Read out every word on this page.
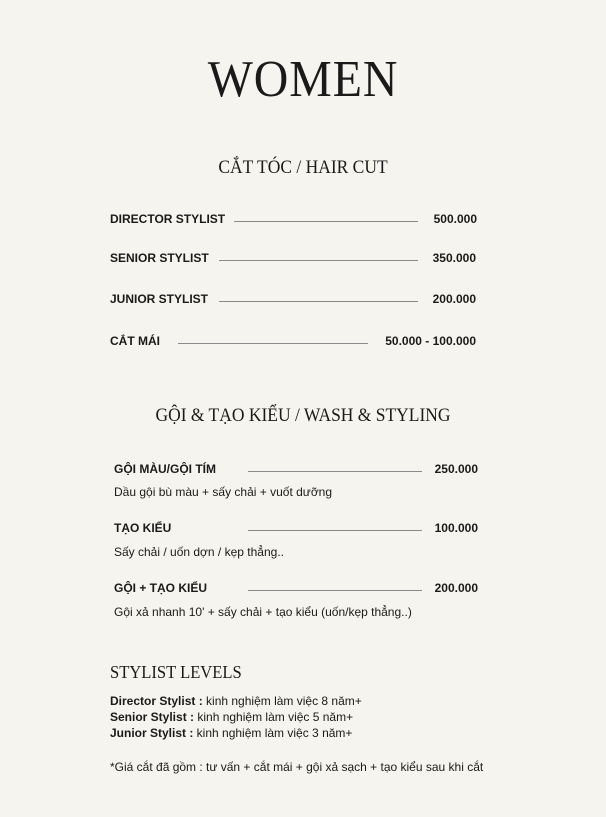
WOMEN
CẮT TÓC / HAIR CUT
DIRECTOR STYLIST	500.000
SENIOR STYLIST	350.000
JUNIOR STYLIST	200.000
CẮT MÁI	50.000 - 100.000
GỘI & TẠO KIỂU / WASH & STYLING
GỘI MÀU/GỘI TÍM	250.000
Dầu gội bù màu + sấy chải + vuốt dưỡng
TẠO KIỂU	100.000
Sấy chải / uốn dợn / kẹp thẳng..
GỘI + TẠO KIỂU	200.000
Gội xả nhanh 10' + sấy chải + tạo kiểu (uốn/kẹp thẳng..)
STYLIST LEVELS
Director Stylist : kinh nghiệm làm việc 8 năm+
Senior Stylist : kinh nghiệm làm việc 5 năm+
Junior Stylist : kinh nghiệm làm việc 3 năm+
*Giá cắt đã gồm : tư vấn + cắt mái + gội xả sạch + tạo kiểu sau khi cắt
